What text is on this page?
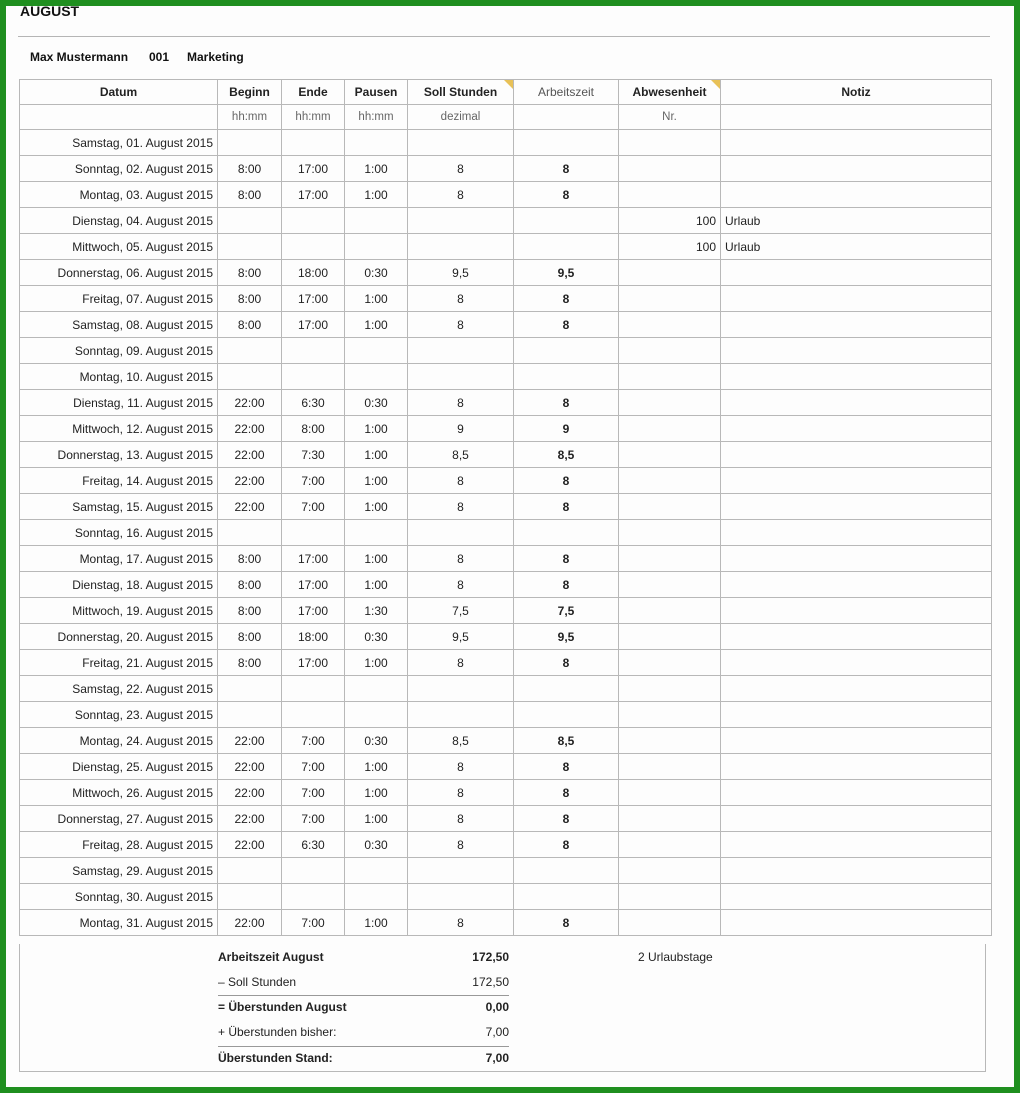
AUGUST
Max Mustermann 001 Marketing
Datum	Beginn	Ende	Pausen	Soll Stunden	Arbeitszeit	Abwesenheit	Notiz
	hh:mm	hh:mm	hh:mm	dezimal		Nr.	
Samstag, 01. August 2015							
Sonntag, 02. August 2015	8:00	17:00	1:00	8	8		
Montag, 03. August 2015	8:00	17:00	1:00	8	8		
Dienstag, 04. August 2015						100	Urlaub
Mittwoch, 05. August 2015						100	Urlaub
Donnerstag, 06. August 2015	8:00	18:00	0:30	9,5	9,5		
Freitag, 07. August 2015	8:00	17:00	1:00	8	8		
Samstag, 08. August 2015	8:00	17:00	1:00	8	8		
Sonntag, 09. August 2015							
Montag, 10. August 2015							
Dienstag, 11. August 2015	22:00	6:30	0:30	8	8		
Mittwoch, 12. August 2015	22:00	8:00	1:00	9	9		
Donnerstag, 13. August 2015	22:00	7:30	1:00	8,5	8,5		
Freitag, 14. August 2015	22:00	7:00	1:00	8	8		
Samstag, 15. August 2015	22:00	7:00	1:00	8	8		
Sonntag, 16. August 2015							
Montag, 17. August 2015	8:00	17:00	1:00	8	8		
Dienstag, 18. August 2015	8:00	17:00	1:00	8	8		
Mittwoch, 19. August 2015	8:00	17:00	1:30	7,5	7,5		
Donnerstag, 20. August 2015	8:00	18:00	0:30	9,5	9,5		
Freitag, 21. August 2015	8:00	17:00	1:00	8	8		
Samstag, 22. August 2015							
Sonntag, 23. August 2015							
Montag, 24. August 2015	22:00	7:00	0:30	8,5	8,5		
Dienstag, 25. August 2015	22:00	7:00	1:00	8	8		
Mittwoch, 26. August 2015	22:00	7:00	1:00	8	8		
Donnerstag, 27. August 2015	22:00	7:00	1:00	8	8		
Freitag, 28. August 2015	22:00	6:30	0:30	8	8		
Samstag, 29. August 2015							
Sonntag, 30. August 2015							
Montag, 31. August 2015	22:00	7:00	1:00	8	8		
Arbeitszeit August	172,50
– Soll Stunden	172,50
= Überstunden August	0,00
+ Überstunden bisher:	7,00
Überstunden Stand:	7,00
2 Urlaubstage
